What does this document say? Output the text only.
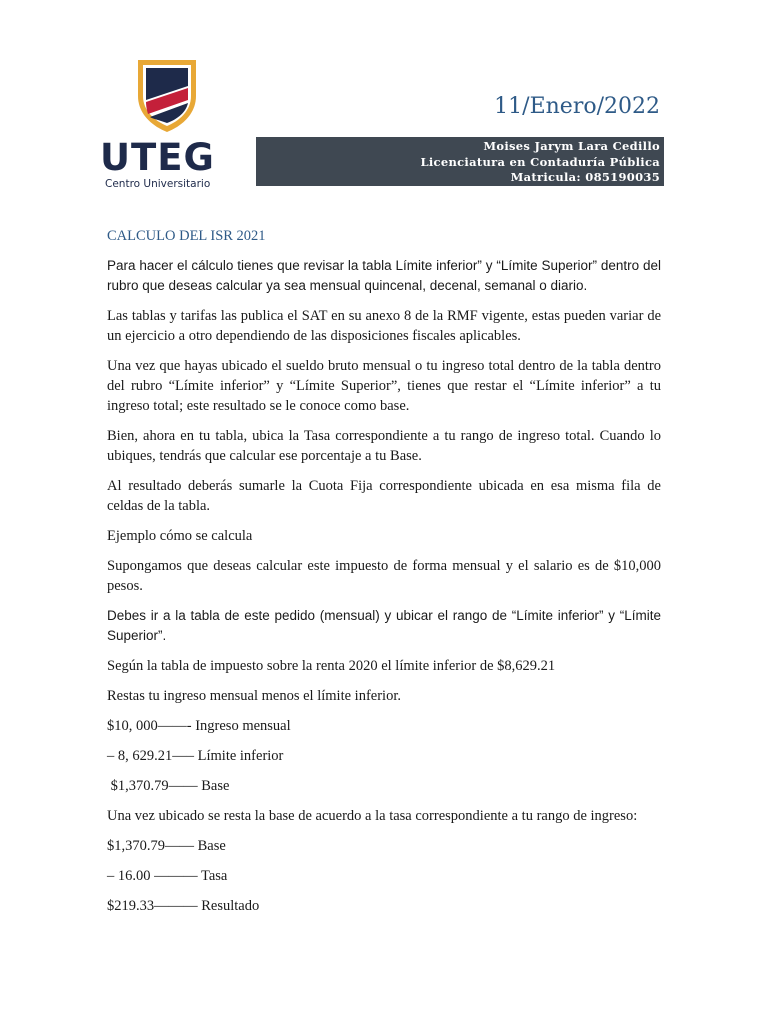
UTEG
Centro Universitario
11/Enero/2022
Moises Jarym Lara Cedillo
Licenciatura en Contaduría Pública
Matricula: 085190035

CALCULO DEL ISR 2021

Para hacer el cálculo tienes que revisar la tabla Límite inferior” y “Límite Superior” dentro del rubro que deseas calcular ya sea mensual quincenal, decenal, semanal o diario.

Las tablas y tarifas las publica el SAT en su anexo 8 de la RMF vigente, estas pueden variar de un ejercicio a otro dependiendo de las disposiciones fiscales aplicables.

Una vez que hayas ubicado el sueldo bruto mensual o tu ingreso total dentro de la tabla dentro del rubro “Límite inferior” y “Límite Superior”, tienes que restar el “Límite inferior” a tu ingreso total; este resultado se le conoce como base.

Bien, ahora en tu tabla, ubica la Tasa correspondiente a tu rango de ingreso total. Cuando lo ubiques, tendrás que calcular ese porcentaje a tu Base.

Al resultado deberás sumarle la Cuota Fija correspondiente ubicada en esa misma fila de celdas de la tabla.

Ejemplo cómo se calcula

Supongamos que deseas calcular este impuesto de forma mensual y el salario es de $10,000 pesos.

Debes ir a la tabla de este pedido (mensual) y ubicar el rango de “Límite inferior” y “Límite Superior”.

Según la tabla de impuesto sobre la renta 2020 el límite inferior de $8,629.21

Restas tu ingreso mensual menos el límite inferior.

$10, 000——- Ingreso mensual

– 8, 629.21—– Límite inferior

$1,370.79—— Base

Una vez ubicado se resta la base de acuerdo a la tasa correspondiente a tu rango de ingreso:

$1,370.79—— Base

– 16.00 ——— Tasa

$219.33——— Resultado
